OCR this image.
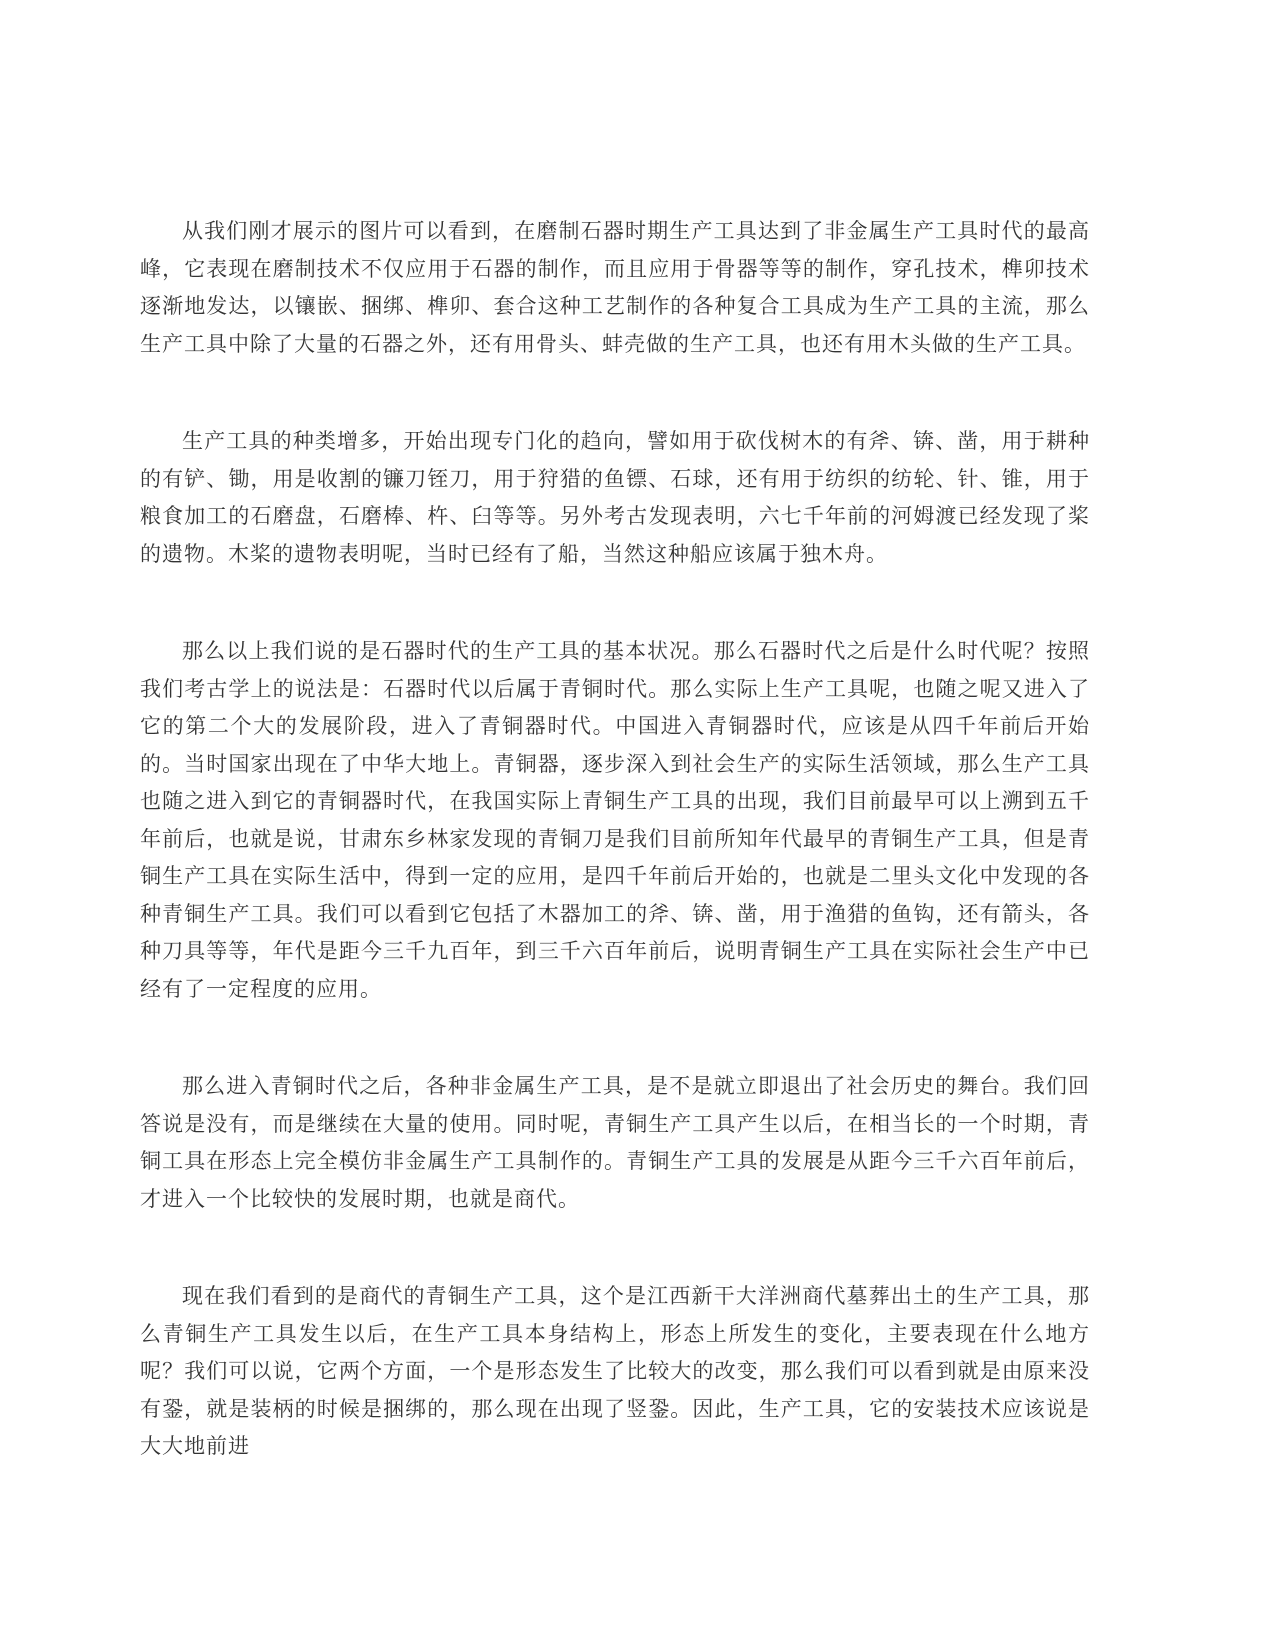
从我们刚才展示的图片可以看到，在磨制石器时期生产工具达到了非金属生产工具时代的最高峰，它表现在磨制技术不仅应用于石器的制作，而且应用于骨器等等的制作，穿孔技术，榫卯技术逐渐地发达，以镶嵌、捆绑、榫卯、套合这种工艺制作的各种复合工具成为生产工具的主流，那么生产工具中除了大量的石器之外，还有用骨头、蚌壳做的生产工具，也还有用木头做的生产工具。

生产工具的种类增多，开始出现专门化的趋向，譬如用于砍伐树木的有斧、锛、凿，用于耕种的有铲、锄，用是收割的镰刀铚刀，用于狩猎的鱼镖、石球，还有用于纺织的纺轮、针、锥，用于粮食加工的石磨盘，石磨棒、杵、臼等等。另外考古发现表明，六七千年前的河姆渡已经发现了桨的遗物。木桨的遗物表明呢，当时已经有了船，当然这种船应该属于独木舟。

那么以上我们说的是石器时代的生产工具的基本状况。那么石器时代之后是什么时代呢？按照我们考古学上的说法是：石器时代以后属于青铜时代。那么实际上生产工具呢，也随之呢又进入了它的第二个大的发展阶段，进入了青铜器时代。中国进入青铜器时代，应该是从四千年前后开始的。当时国家出现在了中华大地上。青铜器，逐步深入到社会生产的实际生活领域，那么生产工具也随之进入到它的青铜器时代，在我国实际上青铜生产工具的出现，我们目前最早可以上溯到五千年前后，也就是说，甘肃东乡林家发现的青铜刀是我们目前所知年代最早的青铜生产工具，但是青铜生产工具在实际生活中，得到一定的应用，是四千年前后开始的，也就是二里头文化中发现的各种青铜生产工具。我们可以看到它包括了木器加工的斧、锛、凿，用于渔猎的鱼钩，还有箭头，各种刀具等等，年代是距今三千九百年，到三千六百年前后，说明青铜生产工具在实际社会生产中已经有了一定程度的应用。

那么进入青铜时代之后，各种非金属生产工具，是不是就立即退出了社会历史的舞台。我们回答说是没有，而是继续在大量的使用。同时呢，青铜生产工具产生以后，在相当长的一个时期，青铜工具在形态上完全模仿非金属生产工具制作的。青铜生产工具的发展是从距今三千六百年前后，才进入一个比较快的发展时期，也就是商代。

现在我们看到的是商代的青铜生产工具，这个是江西新干大洋洲商代墓葬出土的生产工具，那么青铜生产工具发生以后，在生产工具本身结构上，形态上所发生的变化，主要表现在什么地方呢？我们可以说，它两个方面，一个是形态发生了比较大的改变，那么我们可以看到就是由原来没有銎，就是装柄的时候是捆绑的，那么现在出现了竖銎。因此，生产工具，它的安装技术应该说是大大地前进
